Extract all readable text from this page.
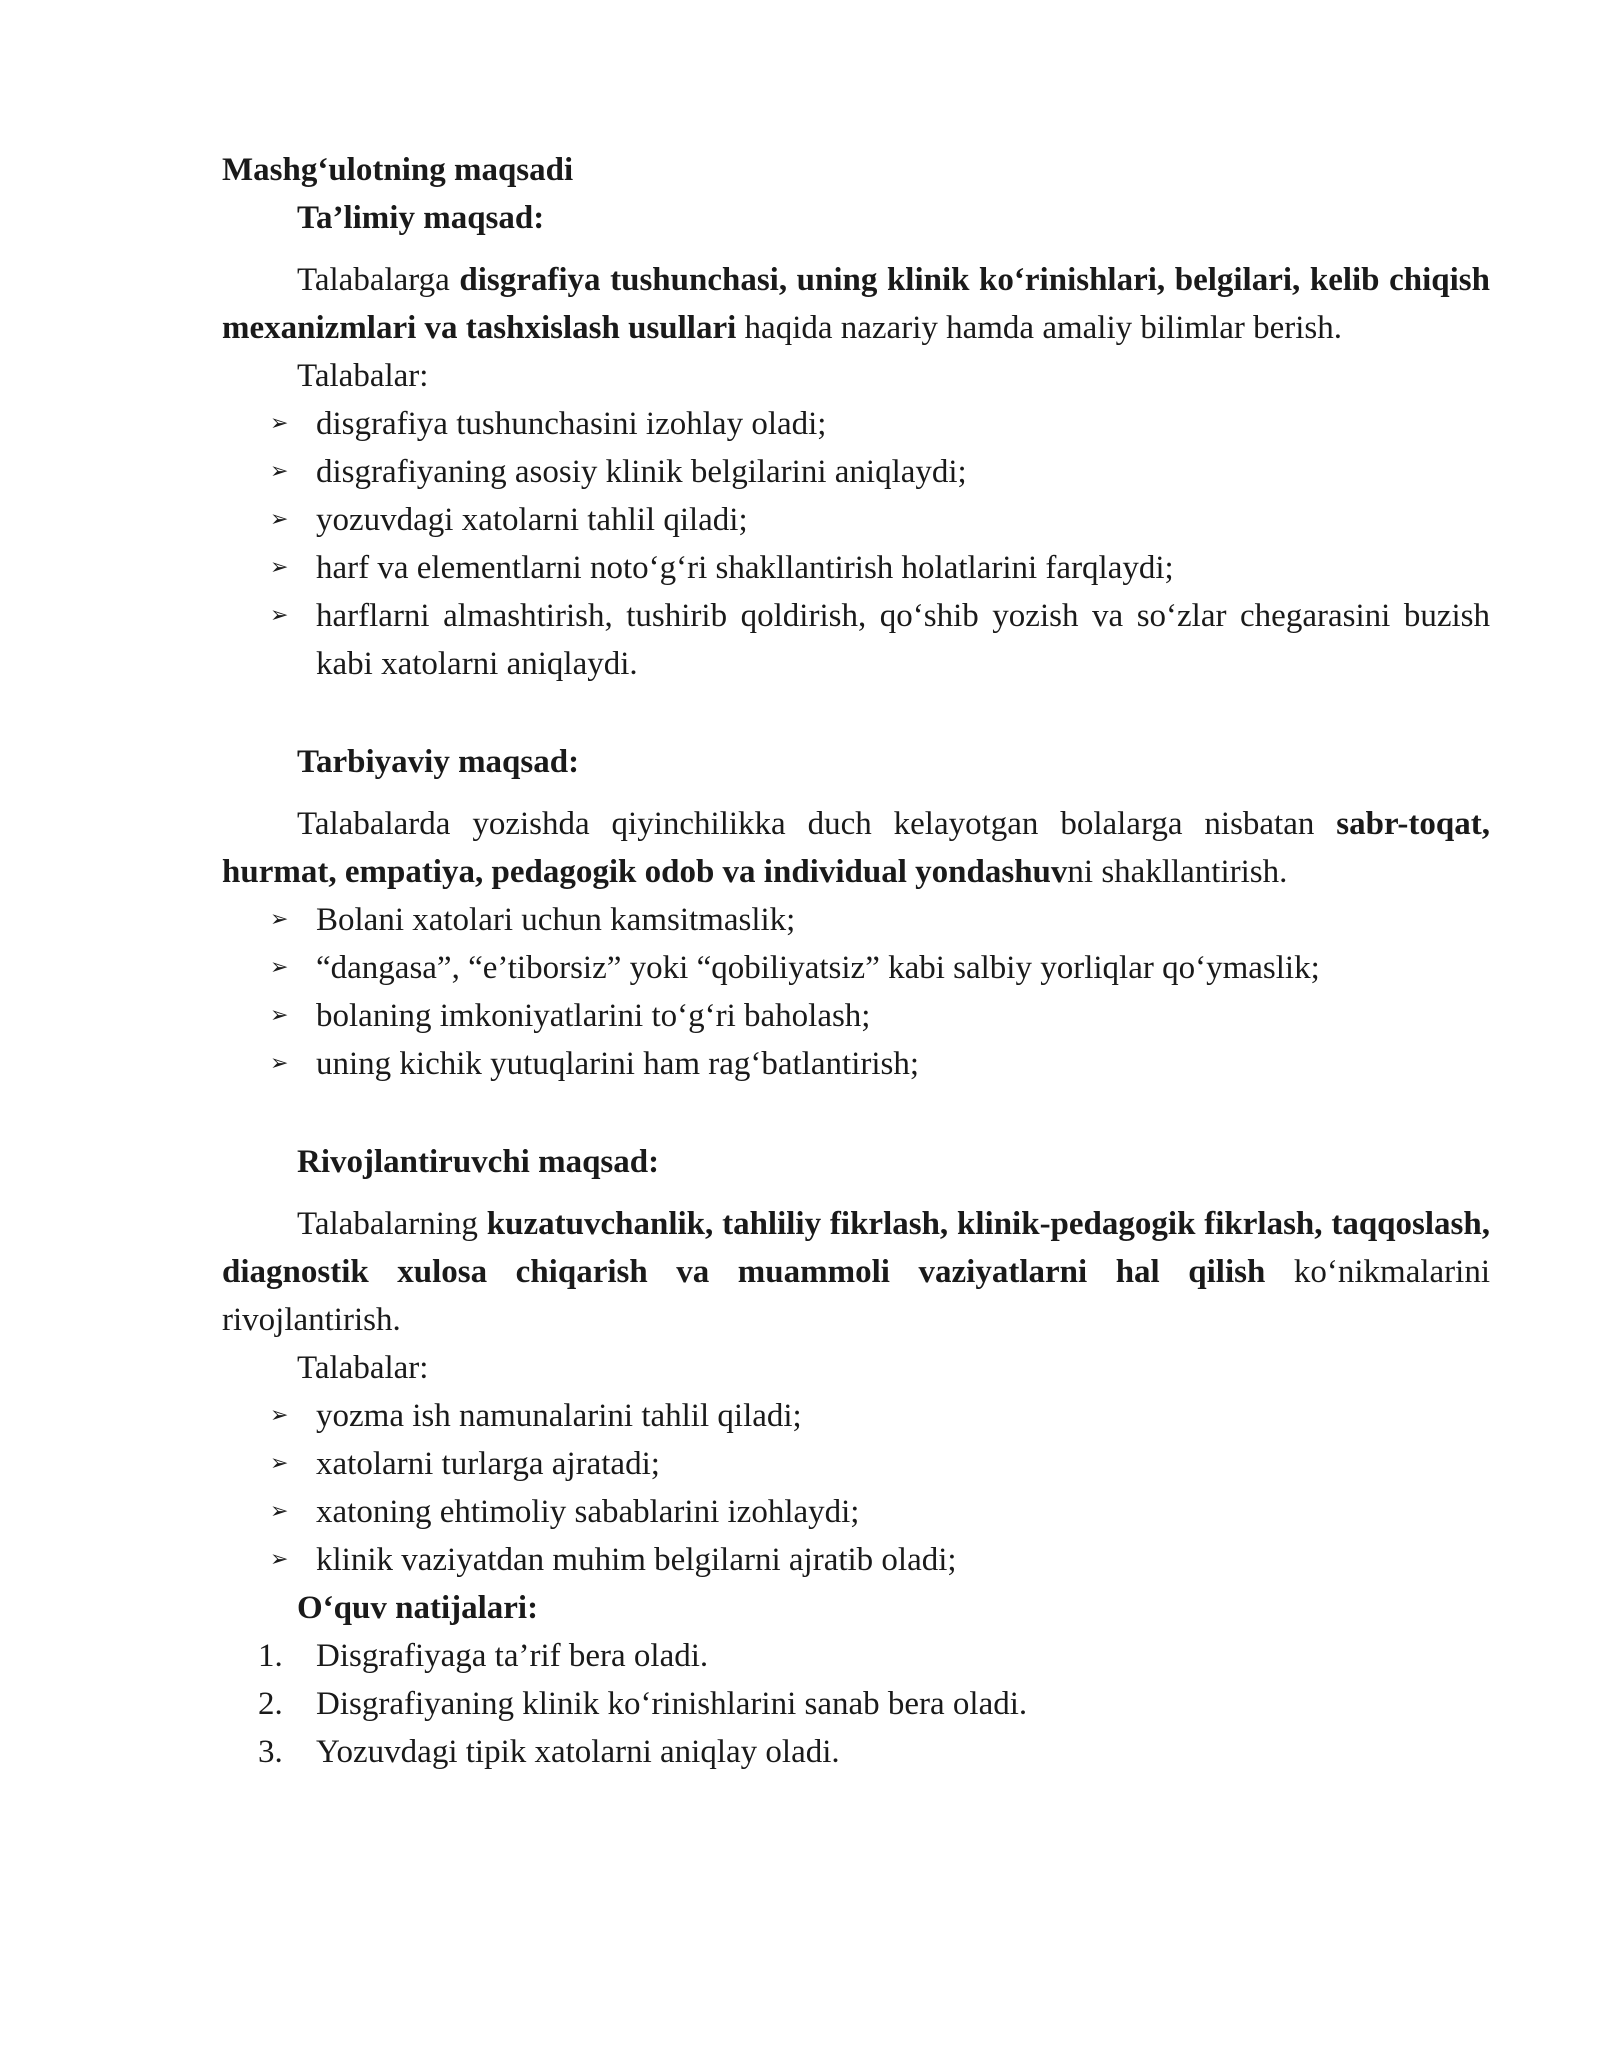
Mashg‘ulotning maqsadi

Ta’limiy maqsad:

Talabalarga disgrafiya tushunchasi, uning klinik ko‘rinishlari, belgilari, kelib chiqish mexanizmlari va tashxislash usullari haqida nazariy hamda amaliy bilimlar berish.

Talabalar:

➢ disgrafiya tushunchasini izohlay oladi;
➢ disgrafiyaning asosiy klinik belgilarini aniqlaydi;
➢ yozuvdagi xatolarni tahlil qiladi;
➢ harf va elementlarni noto‘g‘ri shakllantirish holatlarini farqlaydi;
➢ harflarni almashtirish, tushirib qoldirish, qo‘shib yozish va so‘zlar chegarasini buzish kabi xatolarni aniqlaydi.

Tarbiyaviy maqsad:

Talabalarda yozishda qiyinchilikka duch kelayotgan bolalarga nisbatan sabr-toqat, hurmat, empatiya, pedagogik odob va individual yondashuvni shakllantirish.

➢ Bolani xatolari uchun kamsitmaslik;
➢ “dangasa”, “e’tiborsiz” yoki “qobiliyatsiz” kabi salbiy yorliqlar qo‘ymaslik;
➢ bolaning imkoniyatlarini to‘g‘ri baholash;
➢ uning kichik yutuqlarini ham rag‘batlantirish;

Rivojlantiruvchi maqsad:

Talabalarning kuzatuvchanlik, tahliliy fikrlash, klinik-pedagogik fikrlash, taqqoslash, diagnostik xulosa chiqarish va muammoli vaziyatlarni hal qilish ko‘nikmalarini rivojlantirish.

Talabalar:

➢ yozma ish namunalarini tahlil qiladi;
➢ xatolarni turlarga ajratadi;
➢ xatoning ehtimoliy sabablarini izohlaydi;
➢ klinik vaziyatdan muhim belgilarni ajratib oladi;

O‘quv natijalari:

1. Disgrafiyaga ta’rif bera oladi.
2. Disgrafiyaning klinik ko‘rinishlarini sanab bera oladi.
3. Yozuvdagi tipik xatolarni aniqlay oladi.
